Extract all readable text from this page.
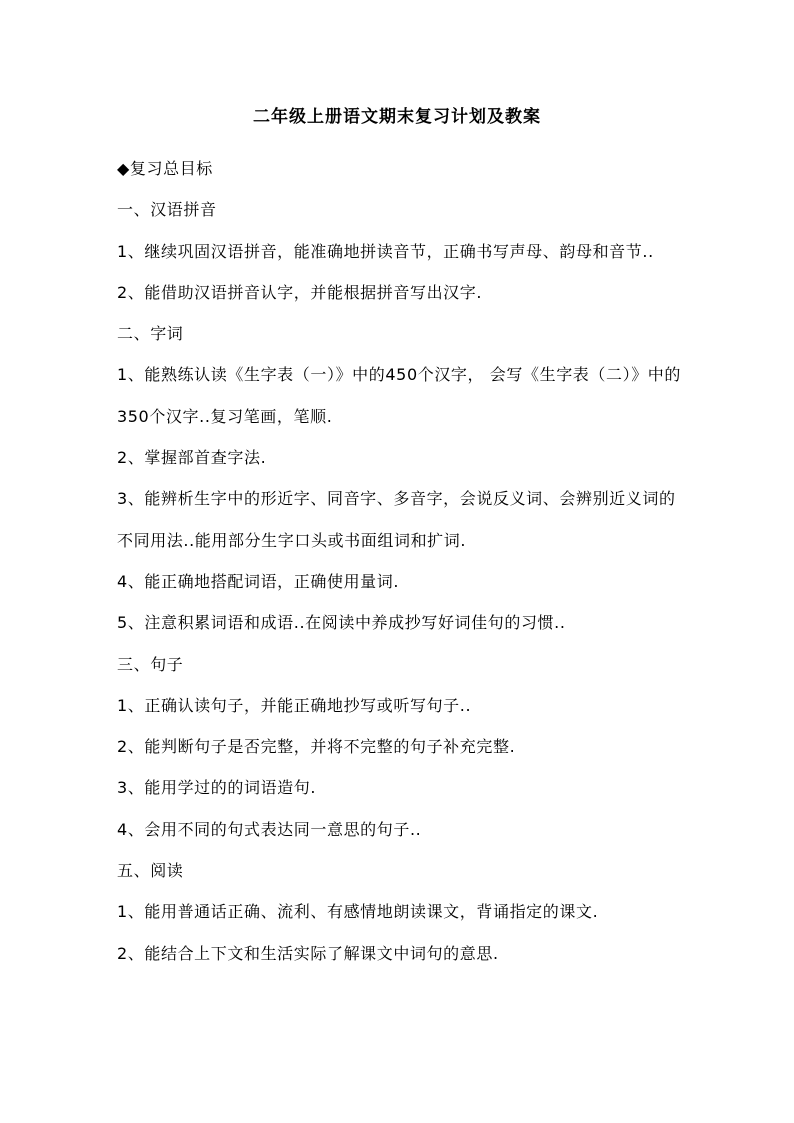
二年级上册语文期末复习计划及教案

◆复习总目标

一、汉语拼音

1、继续巩固汉语拼音，能准确地拼读音节，正确书写声母、韵母和音节..

2、能借助汉语拼音认字，并能根据拼音写出汉字.

二、字词

1、能熟练认读《生字表（一）》中的450个汉字， 会写《生字表（二）》中的350个汉字..复习笔画，笔顺.

2、掌握部首查字法.

3、能辨析生字中的形近字、同音字、多音字，会说反义词、会辨别近义词的不同用法..能用部分生字口头或书面组词和扩词.

4、能正确地搭配词语，正确使用量词.

5、注意积累词语和成语..在阅读中养成抄写好词佳句的习惯..

三、句子

1、正确认读句子，并能正确地抄写或听写句子..

2、能判断句子是否完整，并将不完整的句子补充完整.

3、能用学过的的词语造句.

4、会用不同的句式表达同一意思的句子..

五、阅读

1、能用普通话正确、流利、有感情地朗读课文，背诵指定的课文.

2、能结合上下文和生活实际了解课文中词句的意思.
